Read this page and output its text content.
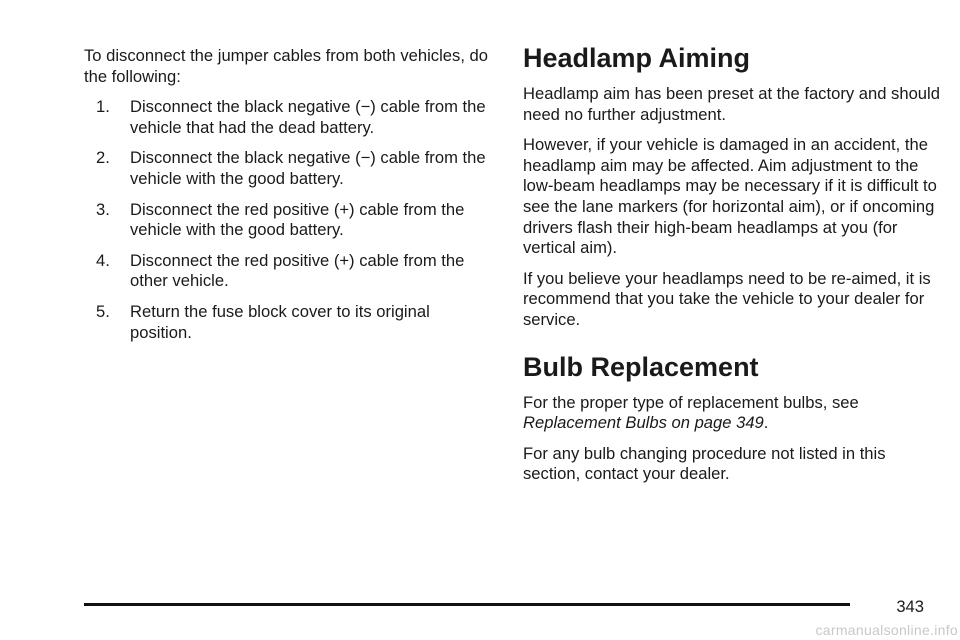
To disconnect the jumper cables from both vehicles, do the following:

1. Disconnect the black negative (−) cable from the vehicle that had the dead battery.
2. Disconnect the black negative (−) cable from the vehicle with the good battery.
3. Disconnect the red positive (+) cable from the vehicle with the good battery.
4. Disconnect the red positive (+) cable from the other vehicle.
5. Return the fuse block cover to its original position.
Headlamp Aiming

Headlamp aim has been preset at the factory and should need no further adjustment.

However, if your vehicle is damaged in an accident, the headlamp aim may be affected. Aim adjustment to the low-beam headlamps may be necessary if it is difficult to see the lane markers (for horizontal aim), or if oncoming drivers flash their high-beam headlamps at you (for vertical aim).

If you believe your headlamps need to be re-aimed, it is recommend that you take the vehicle to your dealer for service.

Bulb Replacement

For the proper type of replacement bulbs, see Replacement Bulbs on page 349.

For any bulb changing procedure not listed in this section, contact your dealer.

343
carmanualsonline.info
